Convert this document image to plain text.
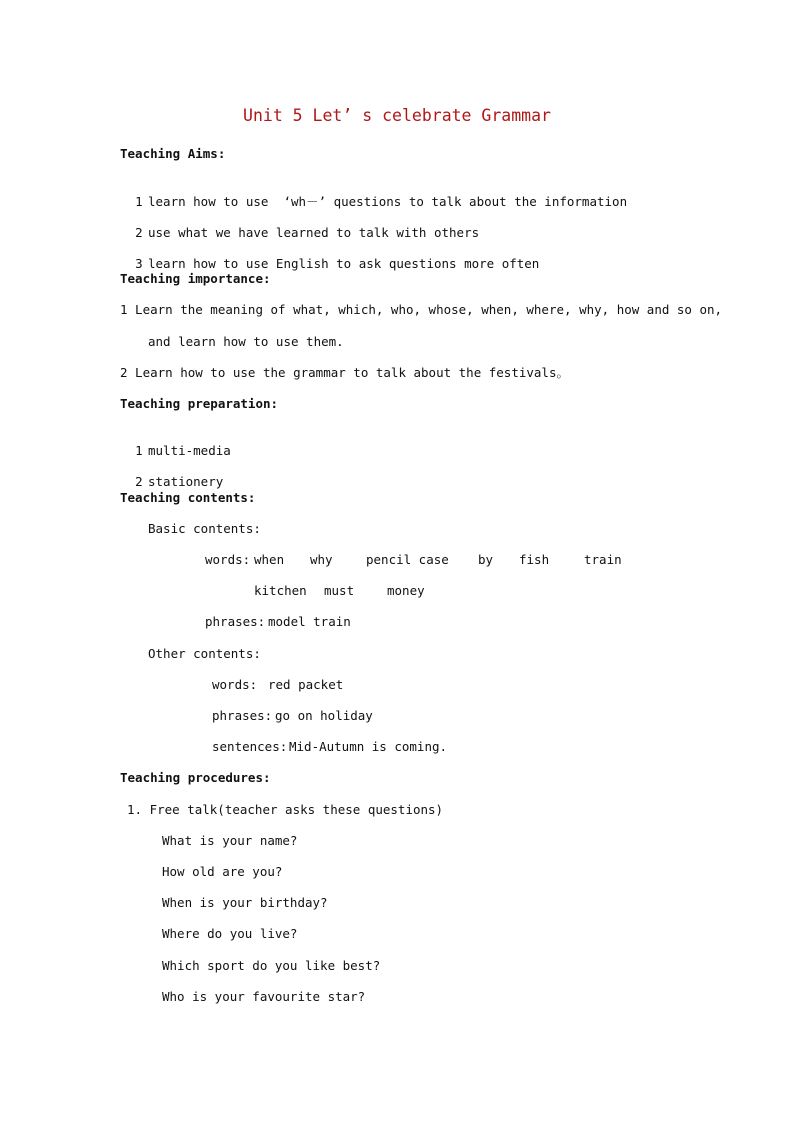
Unit 5 Let’ s celebrate Grammar
Teaching Aims:

1 learn how to use  ‘wh－’ questions to talk about the information

2 use what we have learned to talk with others

3 learn how to use English to ask questions more often

Teaching importance:
1 Learn the meaning of what, which, who, whose, when, where, why, how and so on,
and learn how to use them.
2 Learn how to use the grammar to talk about the festivals。
Teaching preparation:

1 multi-media

2 stationery

Teaching contents:
Basic contents:
words: when why	pencil case by fish	train
kitchen must	money
phrases: model train
Other contents:
words: red packet
phrases: go on holiday
sentences: Mid-Autumn is coming.
Teaching procedures:
1. Free talk(teacher asks these questions)
What is your name?
How old are you?
When is your birthday?
Where do you live?
Which sport do you like best?
Who is your favourite star?
